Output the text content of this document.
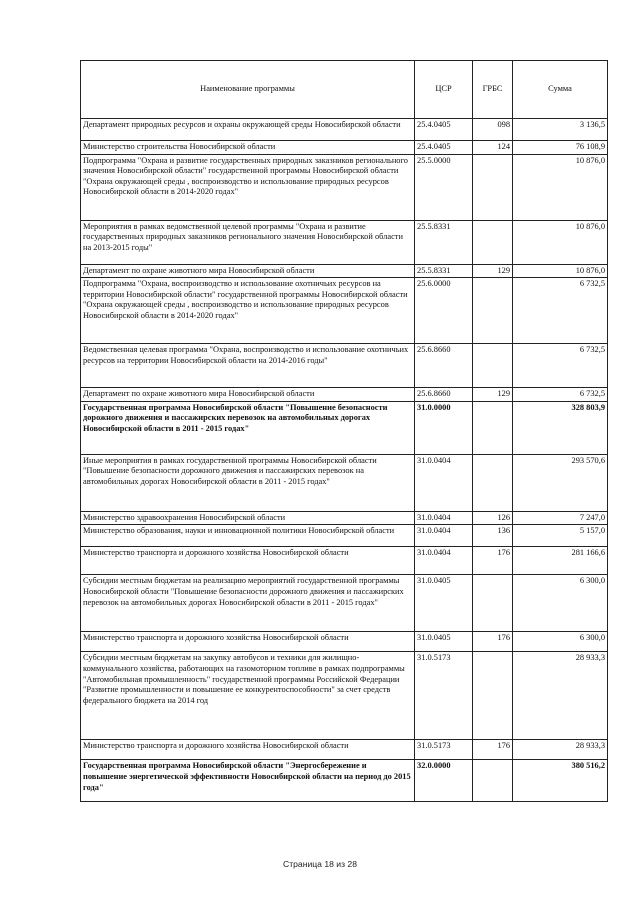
Наименование программы	ЦСР	ГРБС	Сумма
Департамент природных ресурсов и охраны окружающей среды Новосибирской области	25.4.0405	098	3 136,5
Министерство строительства Новосибирской области	25.4.0405	124	76 108,9
Подпрограмма "Охрана и развитие государственных природных заказников регионального значения Новосибирской области" государственной программы Новосибирской области "Охрана окружающей среды , воспроизводство и использование природных ресурсов Новосибирской области в 2014-2020 годах"	25.5.0000		10 876,0
Мероприятия в рамках ведомственной целевой программы "Охрана и развитие государственных природных заказников регионального значения Новосибирской области на 2013-2015 годы"	25.5.8331		10 876,0
Департамент по охране животного мира Новосибирской области	25.5.8331	129	10 876,0
Подпрограмма "Охрана, воспроизводство и использование охотничьих ресурсов на территории Новосибирской области" государственной программы Новосибирской области "Охрана окружающей среды , воспроизводство и использование природных ресурсов Новосибирской области в 2014-2020 годах"	25.6.0000		6 732,5
Ведомственная целевая программа "Охрана, воспроизводство и использование охотничьих ресурсов на территории Новосибирской области на 2014-2016 годы"	25.6.8660		6 732,5
Департамент по охране животного мира Новосибирской области	25.6.8660	129	6 732,5
Государственная программа Новосибирской области "Повышение безопасности дорожного движения и пассажирских перевозок на автомобильных дорогах Новосибирской области в 2011 - 2015 годах"	31.0.0000		328 803,9
Иные мероприятия в рамках государственной программы Новосибирской области "Повышение безопасности дорожного движения и пассажирских перевозок на автомобильных дорогах Новосибирской области в 2011 - 2015 годах"	31.0.0404		293 570,6
Министерство здравоохранения Новосибирской области	31.0.0404	126	7 247,0
Министерство образования, науки и инновационной политики Новосибирской области	31.0.0404	136	5 157,0
Министерство транспорта и дорожного хозяйства Новосибирской области	31.0.0404	176	281 166,6
Субсидии местным бюджетам на реализацию мероприятий государственной программы Новосибирской области "Повышение безопасности дорожного движения и пассажирских перевозок на автомобильных дорогах Новосибирской области в 2011 - 2015 годах"	31.0.0405		6 300,0
Министерство транспорта и дорожного хозяйства Новосибирской области	31.0.0405	176	6 300,0
Субсидии местным бюджетам на закупку автобусов и техники для жилищно-коммунального хозяйства, работающих на газомоторном топливе в рамках подпрограммы "Автомобильная промышленность" государственной программы Российской Федерации "Развитие промышленности и повышение ее конкурентоспособности" за счет средств федерального бюджета на 2014 год	31.0.5173		28 933,3
Министерство транспорта и дорожного хозяйства Новосибирской области	31.0.5173	176	28 933,3
Государственная программа Новосибирской области "Энергосбережение и повышение энергетической эффективности Новосибирской области на период до 2015 года"	32.0.0000		380 516,2
Страница 18 из 28
